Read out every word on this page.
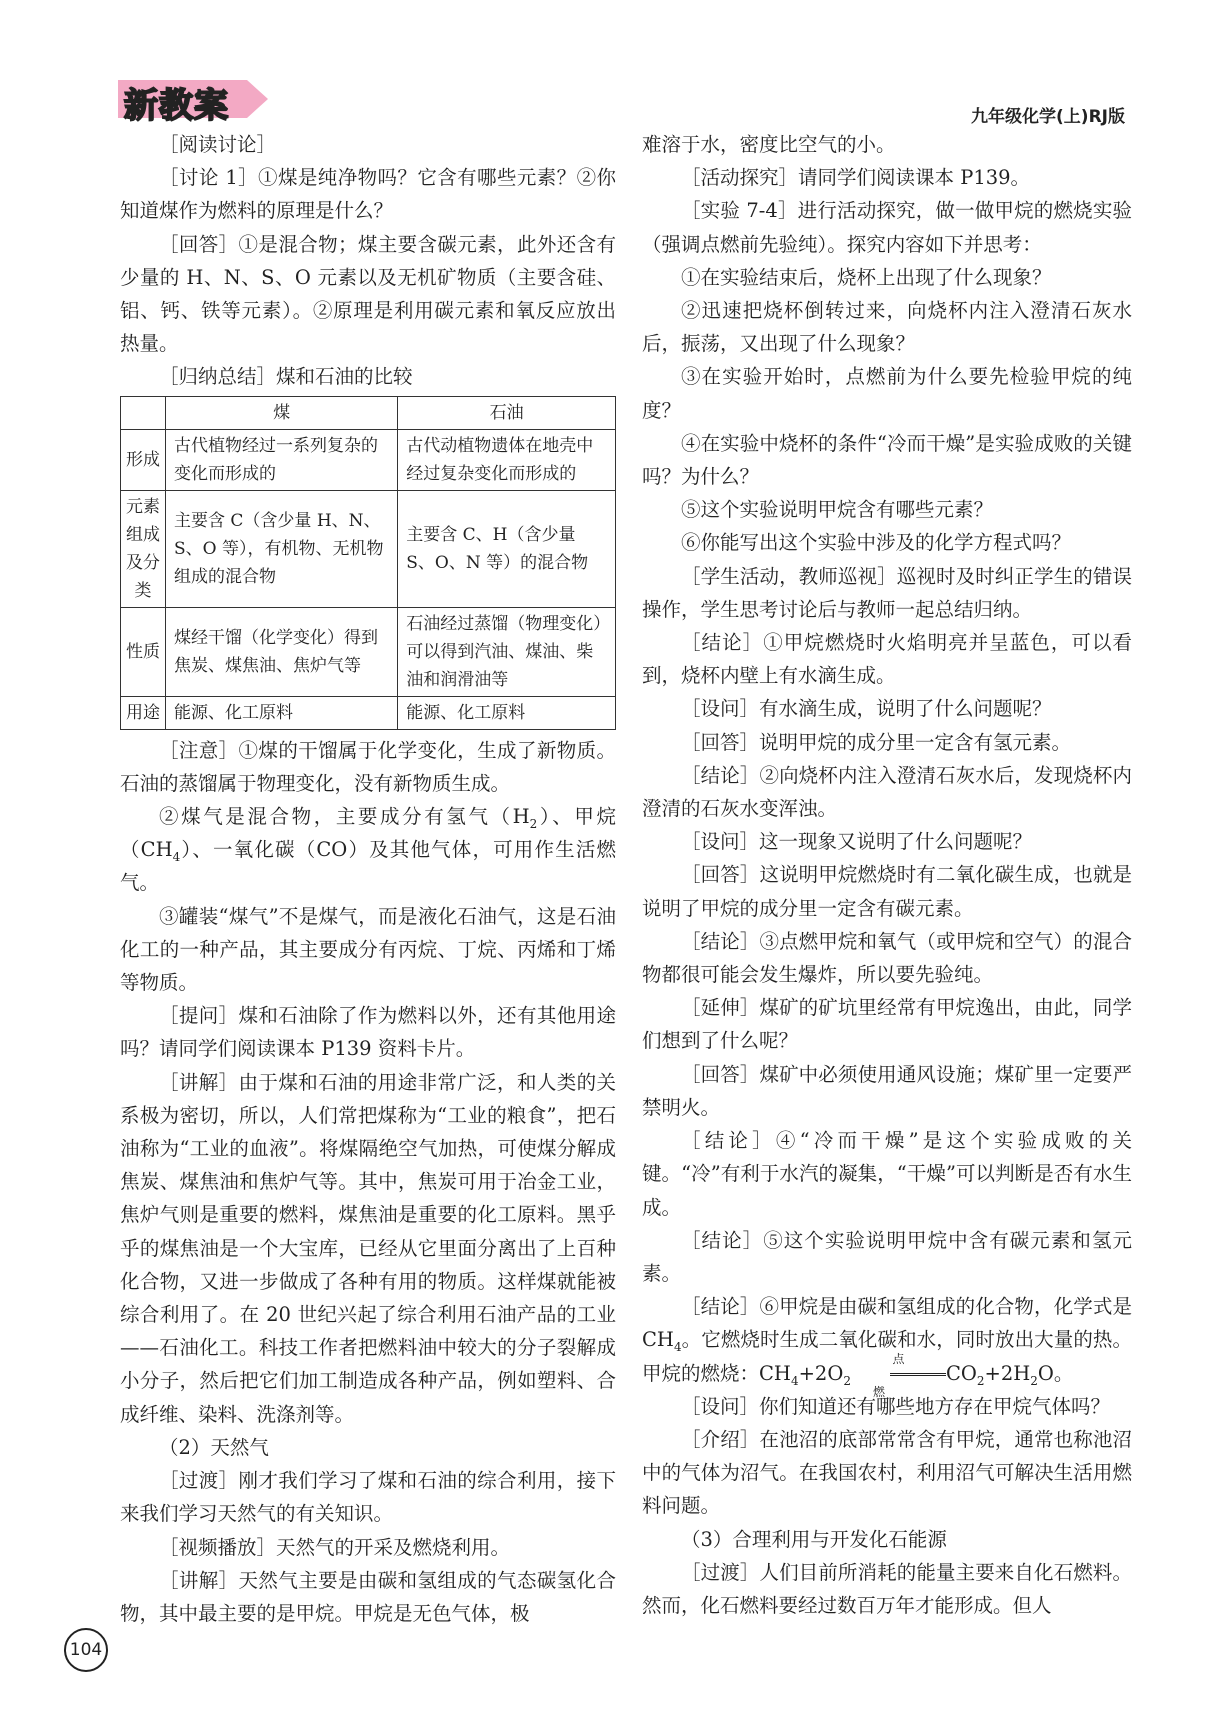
新教案	九年级化学(上)RJ版

［阅读讨论］

［讨论 1］①煤是纯净物吗？它含有哪些元素？②你知道煤作为燃料的原理是什么？

［回答］①是混合物；煤主要含碳元素，此外还含有少量的 H、N、S、O 元素以及无机矿物质（主要含硅、铝、钙、铁等元素）。②原理是利用碳元素和氧反应放出热量。

［归纳总结］煤和石油的比较

	煤	石油
形成	古代植物经过一系列复杂的变化而形成的	古代动植物遗体在地壳中经过复杂变化而形成的
元素组成及分类	主要含 C（含少量 H、N、S、O 等），有机物、无机物组成的混合物	主要含 C、H（含少量 S、O、N 等）的混合物
性质	煤经干馏（化学变化）得到焦炭、煤焦油、焦炉气等	石油经过蒸馏（物理变化）可以得到汽油、煤油、柴油和润滑油等
用途	能源、化工原料	能源、化工原料

［注意］①煤的干馏属于化学变化，生成了新物质。石油的蒸馏属于物理变化，没有新物质生成。

②煤气是混合物，主要成分有氢气$(H_2)$、甲烷$(CH_4)$、一氧化碳（CO）及其他气体，可用作生活燃气。

③罐装“煤气”不是煤气，而是液化石油气，这是石油化工的一种产品，其主要成分有丙烷、丁烷、丙烯和丁烯等物质。

［提问］煤和石油除了作为燃料以外，还有其他用途吗？请同学们阅读课本 P139 资料卡片。

［讲解］由于煤和石油的用途非常广泛，和人类的关系极为密切，所以，人们常把煤称为“工业的粮食”，把石油称为“工业的血液”。将煤隔绝空气加热，可使煤分解成焦炭、煤焦油和焦炉气等。其中，焦炭可用于冶金工业，焦炉气则是重要的燃料，煤焦油是重要的化工原料。黑乎乎的煤焦油是一个大宝库，已经从它里面分离出了上百种化合物，又进一步做成了各种有用的物质。这样煤就能被综合利用了。在 20 世纪兴起了综合利用石油产品的工业——石油化工。科技工作者把燃料油中较大的分子裂解成小分子，然后把它们加工制造成各种产品，例如塑料、合成纤维、染料、洗涤剂等。

（2）天然气

［过渡］刚才我们学习了煤和石油的综合利用，接下来我们学习天然气的有关知识。

［视频播放］天然气的开采及燃烧利用。

［讲解］天然气主要是由碳和氢组成的气态碳氢化合物，其中最主要的是甲烷。甲烷是无色气体，极

难溶于水，密度比空气的小。

［活动探究］请同学们阅读课本 P139。

［实验 7-4］进行活动探究，做一做甲烷的燃烧实验（强调点燃前先验纯）。探究内容如下并思考：

①在实验结束后，烧杯上出现了什么现象？

②迅速把烧杯倒转过来，向烧杯内注入澄清石灰水后，振荡，又出现了什么现象？

③在实验开始时，点燃前为什么要先检验甲烷的纯度？

④在实验中烧杯的条件“冷而干燥”是实验成败的关键吗？为什么？

⑤这个实验说明甲烷含有哪些元素？

⑥你能写出这个实验中涉及的化学方程式吗？

［学生活动，教师巡视］巡视时及时纠正学生的错误操作，学生思考讨论后与教师一起总结归纳。

［结论］①甲烷燃烧时火焰明亮并呈蓝色，可以看到，烧杯内壁上有水滴生成。

［设问］有水滴生成，说明了什么问题呢？

［回答］说明甲烷的成分里一定含有氢元素。

［结论］②向烧杯内注入澄清石灰水后，发现烧杯内澄清的石灰水变浑浊。

［设问］这一现象又说明了什么问题呢？

［回答］这说明甲烷燃烧时有二氧化碳生成，也就是说明了甲烷的成分里一定含有碳元素。

［结论］③点燃甲烷和氧气（或甲烷和空气）的混合物都很可能会发生爆炸，所以要先验纯。

［延伸］煤矿的矿坑里经常有甲烷逸出，由此，同学们想到了什么呢？

［回答］煤矿中必须使用通风设施；煤矿里一定要严禁明火。

［结论］④“冷而干燥”是这个实验成败的关键。“冷”有利于水汽的凝集，“干燥”可以判断是否有水生成。

［结论］⑤这个实验说明甲烷中含有碳元素和氢元素。

［结论］⑥甲烷是由碳和氢组成的化合物，化学式是 $CH_4$。它燃烧时生成二氧化碳和水，同时放出大量的热。甲烷的燃烧：$CH_4+2O_2$
点燃
$CO_2+2H_2O$。

［设问］你们知道还有哪些地方存在甲烷气体吗？

［介绍］在池沼的底部常常含有甲烷，通常也称池沼中的气体为沼气。在我国农村，利用沼气可解决生活用燃料问题。

（3）合理利用与开发化石能源

［过渡］人们目前所消耗的能量主要来自化石燃料。然而，化石燃料要经过数百万年才能形成。但人

104
